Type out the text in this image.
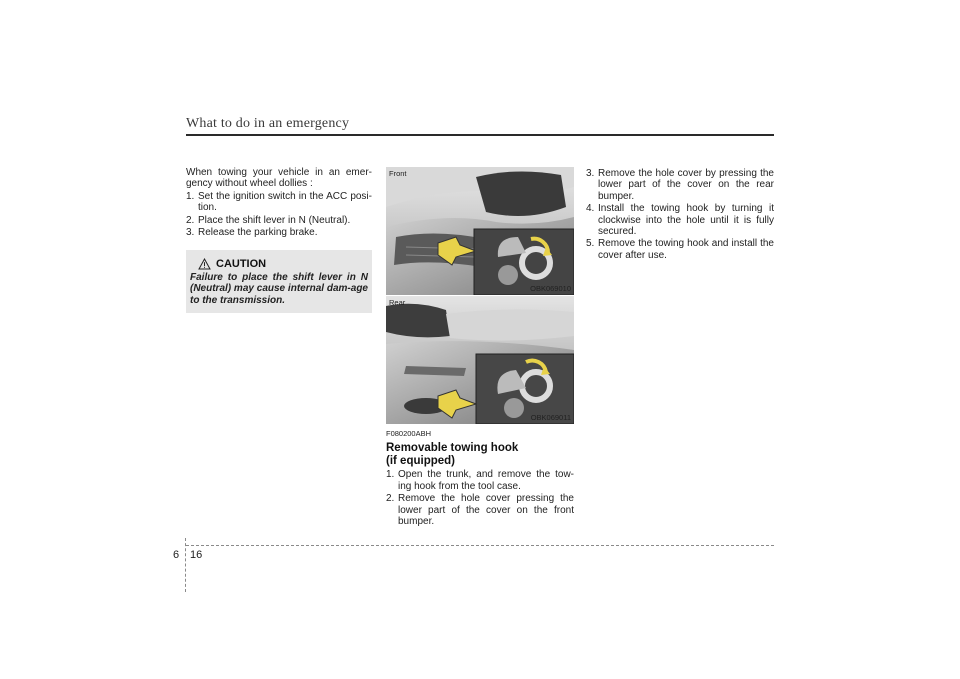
What to do in an emergency
When towing your vehicle in an emer-gency without wheel dollies :
1. Set the ignition switch in the ACC posi-tion.
2. Place the shift lever in N (Neutral).
3. Release the parking brake.
CAUTION
Failure to place the shift lever in N (Neutral) may cause internal dam-age to the transmission.
Front
OBK069010
Rear
OBK069011
F080200ABH
Removable towing hook
(if equipped)
1. Open the trunk, and remove the tow-ing hook from the tool case.
2. Remove the hole cover pressing the lower part of the cover on the front bumper.
3. Remove the hole cover by pressing the lower part of the cover on the rear bumper.
4. Install the towing hook by turning it clockwise into the hole until it is fully secured.
5. Remove the towing hook and install the cover after use.
6 16
